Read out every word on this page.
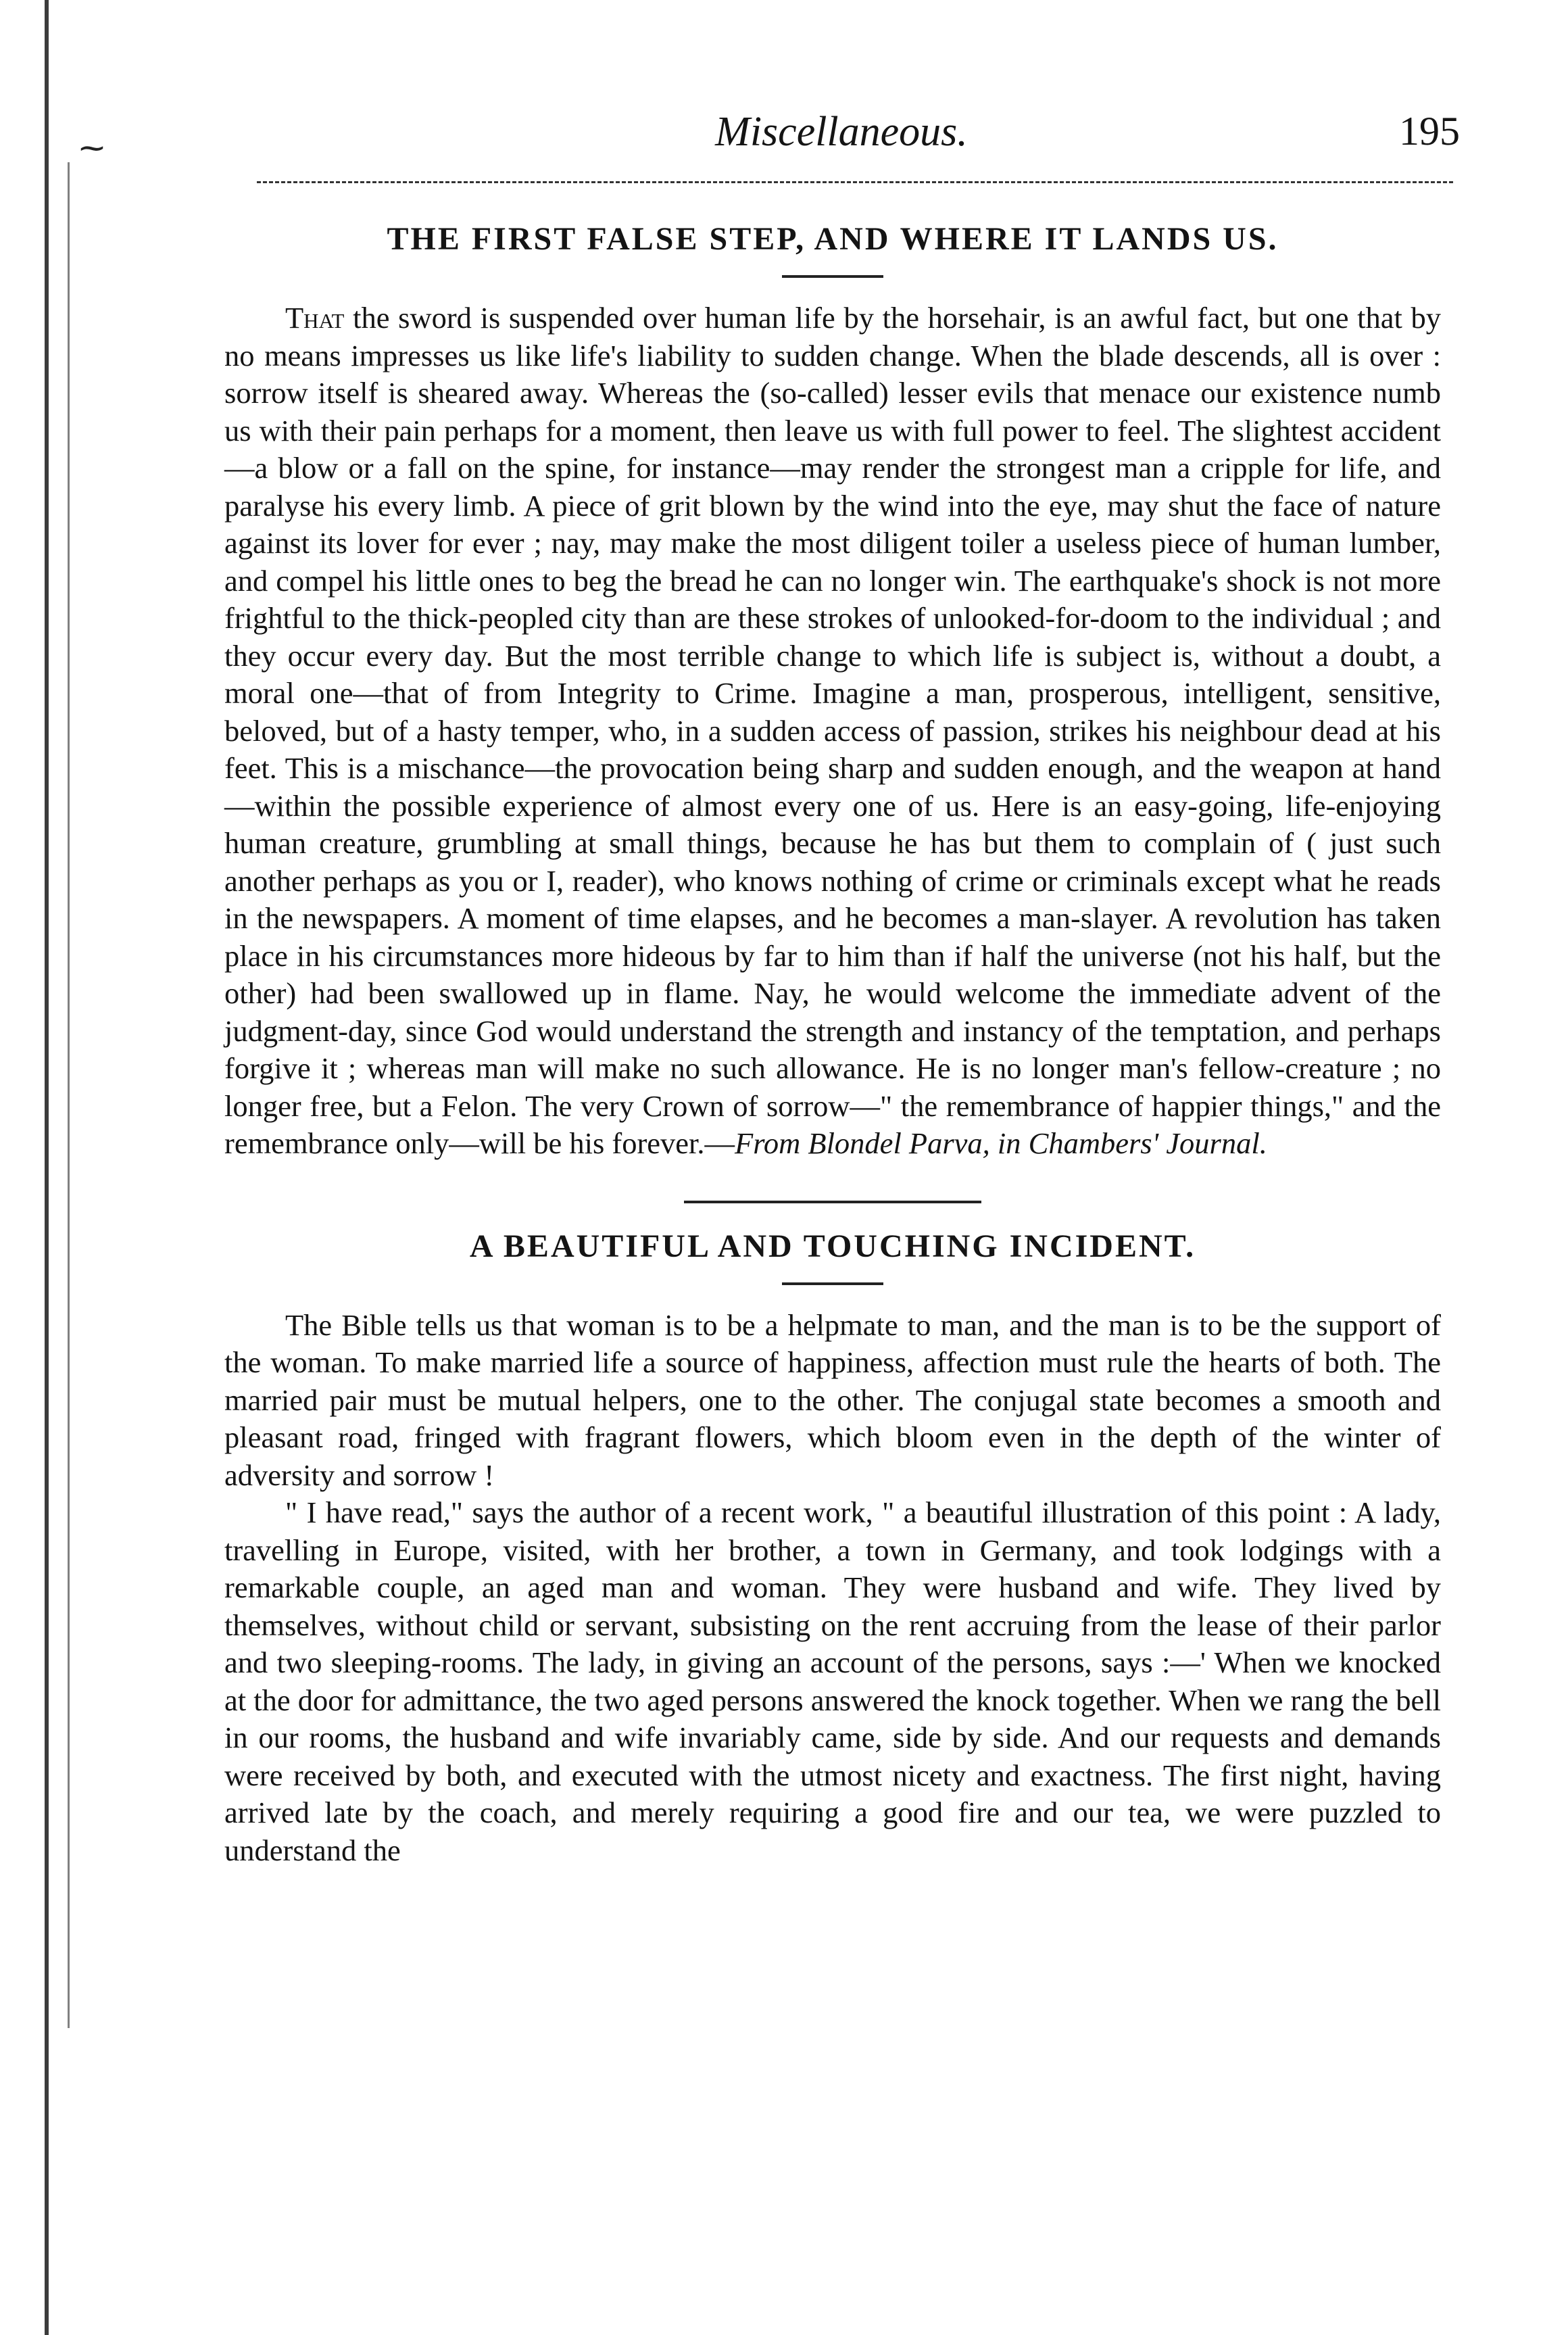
⁓	Miscellaneous.	195
THE FIRST FALSE STEP, AND WHERE IT LANDS US.

That the sword is suspended over human life by the horsehair, is an awful fact, but one that by no means impresses us like life's liability to sudden change. When the blade descends, all is over : sorrow itself is sheared away. Whereas the (so-called) lesser evils that menace our existence numb us with their pain perhaps for a moment, then leave us with full power to feel. The slightest accident—a blow or a fall on the spine, for instance—may render the strongest man a cripple for life, and paralyse his every limb. A piece of grit blown by the wind into the eye, may shut the face of nature against its lover for ever ; nay, may make the most diligent toiler a useless piece of human lumber, and compel his little ones to beg the bread he can no longer win. The earthquake's shock is not more frightful to the thick-peopled city than are these strokes of unlooked-for-doom to the individual ; and they occur every day. But the most terrible change to which life is subject is, without a doubt, a moral one—that of from Integrity to Crime. Imagine a man, prosperous, intelligent, sensitive, beloved, but of a hasty temper, who, in a sudden access of passion, strikes his neighbour dead at his feet. This is a mischance—the provocation being sharp and sudden enough, and the weapon at hand—within the possible experience of almost every one of us. Here is an easy-going, life-enjoying human creature, grumbling at small things, because he has but them to complain of ( just such another perhaps as you or I, reader), who knows nothing of crime or criminals except what he reads in the newspapers. A moment of time elapses, and he becomes a man-slayer. A revolution has taken place in his circumstances more hideous by far to him than if half the universe (not his half, but the other) had been swallowed up in flame. Nay, he would welcome the immediate advent of the judgment-day, since God would understand the strength and instancy of the temptation, and perhaps forgive it ; whereas man will make no such allowance. He is no longer man's fellow-creature ; no longer free, but a Felon. The very Crown of sorrow—" the remembrance of happier things," and the remembrance only—will be his forever.—From Blondel Parva, in Chambers' Journal.

A BEAUTIFUL AND TOUCHING INCIDENT.

The Bible tells us that woman is to be a helpmate to man, and the man is to be the support of the woman. To make married life a source of happiness, affection must rule the hearts of both. The married pair must be mutual helpers, one to the other. The conjugal state becomes a smooth and pleasant road, fringed with fragrant flowers, which bloom even in the depth of the winter of adversity and sorrow !

" I have read," says the author of a recent work, " a beautiful illustration of this point : A lady, travelling in Europe, visited, with her brother, a town in Germany, and took lodgings with a remarkable couple, an aged man and woman. They were husband and wife. They lived by themselves, without child or servant, subsisting on the rent accruing from the lease of their parlor and two sleeping-rooms. The lady, in giving an account of the persons, says :—' When we knocked at the door for admittance, the two aged persons answered the knock together. When we rang the bell in our rooms, the husband and wife invariably came, side by side. And our requests and demands were received by both, and executed with the utmost nicety and exactness. The first night, having arrived late by the coach, and merely requiring a good fire and our tea, we were puzzled to understand the
